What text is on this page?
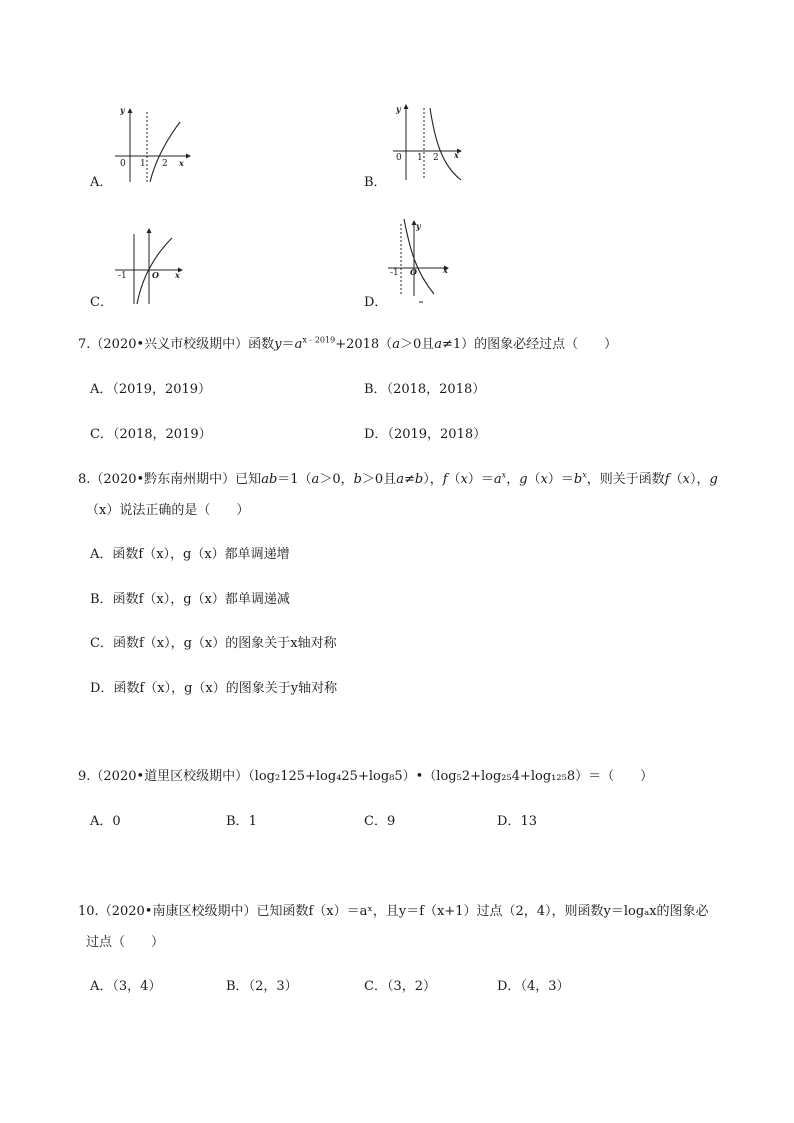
y
0 1 2 x
A．
y
0 1 2 x
B．
-1	O x
C．
y
-1 O	x
D．
7.（2020•兴义市校级期中）函数$y=a^{x﹣2019}+2018(a>0$且a≠1）的图象必经过点（　　）
A．（2019，2019）	B．（2018，2018）
C．（2018，2019）	D．（2019，2018）
8.（2020•黔东南州期中）已知ab＝1（a＞0，b＞0且a≠b），$f(x)=a^x$，$g(x)=b^x$，则关于函数f（x），g
（x）说法正确的是（　　）
A．函数f（x），g（x）都单调递增
B．函数f（x），g（x）都单调递减
C．函数f（x），g（x）的图象关于x轴对称
D．函数f（x），g（x）的图象关于y轴对称
9.（2020•道里区校级期中）（log₂125+log₄25+log₈5）•（log₅2+log₂₅4+log₁₂₅8）＝（　　）
A．0	B．1	C．9	D．13
10.（2020•南康区校级期中）已知函数f（x）＝aˣ，且y＝f（x+1）过点（2，4），则函数y＝logₐx的图象必
过点（　　）
A．（3，4）	B．（2，3）	C．（3，2）	D．（4，3）
